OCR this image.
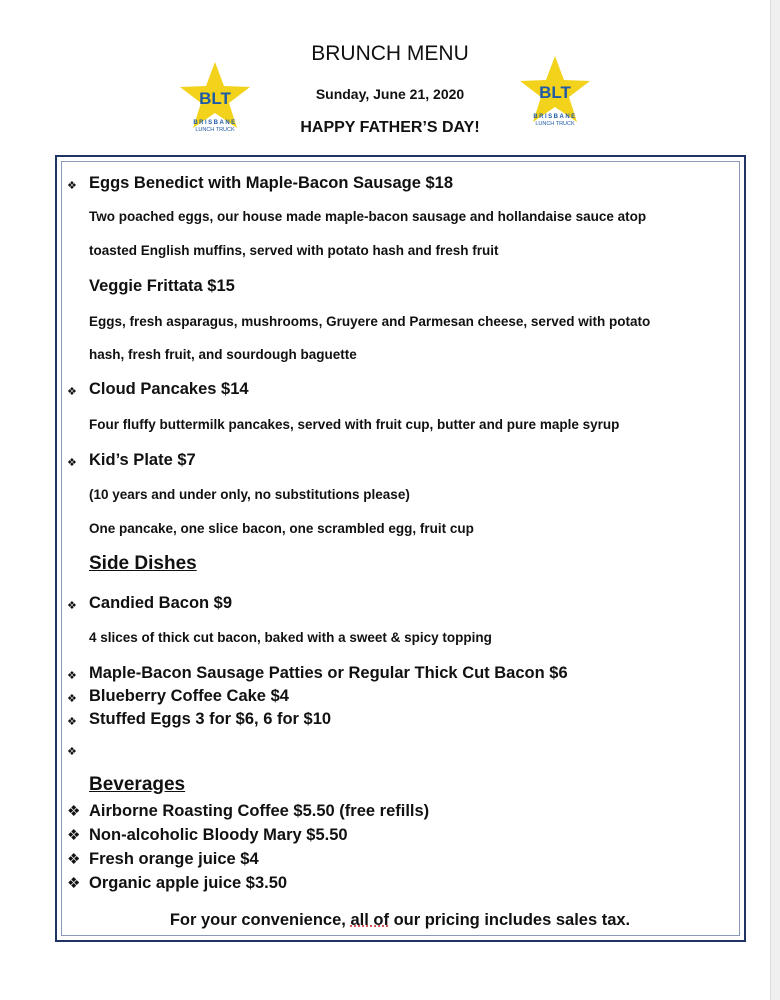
BRUNCH MENU
Sunday, June 21, 2020
HAPPY FATHER’S DAY!
BLT
BRISBANE
LUNCH TRUCK
BLT
BRISBANE
LUNCH TRUCK
❖ Eggs Benedict with Maple-Bacon Sausage $18
Two poached eggs, our house made maple-bacon sausage and hollandaise sauce atop
toasted English muffins, served with potato hash and fresh fruit
Veggie Frittata $15
Eggs, fresh asparagus, mushrooms, Gruyere and Parmesan cheese, served with potato
hash, fresh fruit, and sourdough baguette
❖ Cloud Pancakes $14
Four fluffy buttermilk pancakes, served with fruit cup, butter and pure maple syrup
❖ Kid’s Plate $7
(10 years and under only, no substitutions please)
One pancake, one slice bacon, one scrambled egg, fruit cup
Side Dishes
❖ Candied Bacon $9
4 slices of thick cut bacon, baked with a sweet & spicy topping
❖ Maple-Bacon Sausage Patties or Regular Thick Cut Bacon $6
❖ Blueberry Coffee Cake $4
❖ Stuffed Eggs 3 for $6, 6 for $10
❖
Beverages
❖ Airborne Roasting Coffee $5.50 (free refills)
❖ Non-alcoholic Bloody Mary $5.50
❖ Fresh orange juice $4
❖ Organic apple juice $3.50
For your convenience, all of our pricing includes sales tax.
